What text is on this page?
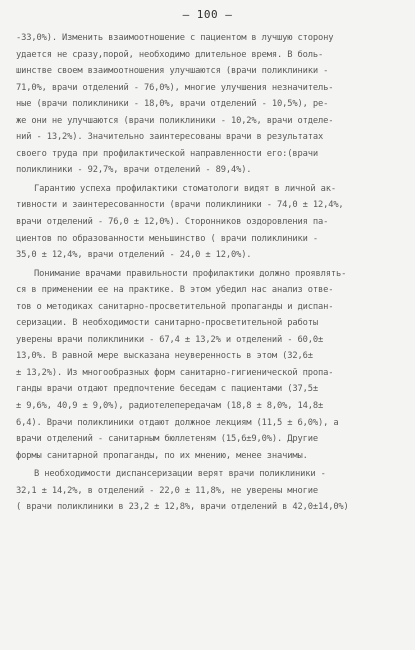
– 100 –
-33,0%). Изменить взаимоотношение с пациентом в лучшую сторону
удается не сразу,порой, необходимо длительное время. В боль-
шинстве своем взаимоотношения улучшаются (врачи поликлиники -
71,0%, врачи отделений - 76,0%), многие улучшения незначитель-
ные (врачи поликлиники - 18,0%, врачи отделений - 10,5%), ре-
же они не улучшаются (врачи поликлиники - 10,2%, врачи отделе-
ний - 13,2%). Значительно заинтересованы врачи в результатах
своего труда при профилактической направленности его:(врачи
поликлиники - 92,7%, врачи отделений - 89,4%).
Гарантию успеха профилактики стоматологи видят в личной ак-
тивности и заинтересованности (врачи поликлиники - 74,0 ± 12,4%,
врачи отделений - 76,0 ± 12,0%). Сторонников оздоровления па-
циентов по образованности меньшинство ( врачи поликлиники -
35,0 ± 12,4%, врачи отделений - 24,0 ± 12,0%).
Понимание врачами правильности профилактики должно проявлять-
ся в применении ее на практике. В этом убедил нас анализ отве-
тов о методиках санитарно-просветительной пропаганды и диспан-
серизации. В необходимости санитарно-просветительной работы
уверены врачи поликлиники - 67,4 ± 13,2% и отделений - 60,0±
13,0%. В равной мере высказана неуверенность в этом (32,6±
± 13,2%). Из многообразных форм санитарно-гигиенической пропа-
ганды врачи отдают предпочтение беседам с пациентами (37,5±
± 9,6%, 40,9 ± 9,0%), радиотелепередачам (18,8 ± 8,0%, 14,8±
6,4). Врачи поликлиники отдают должное лекциям (11,5 ± 6,0%), а
врачи отделений - санитарным бюллетеням (15,6±9,0%). Другие
формы санитарной пропаганды, по их мнению, менее значимы.
В необходимости диспансеризации верят врачи поликлиники -
32,1 ± 14,2%, в отделений - 22,0 ± 11,8%, не уверены многие
( врачи поликлиники в 23,2 ± 12,8%, врачи отделений в 42,0±14,0%)
